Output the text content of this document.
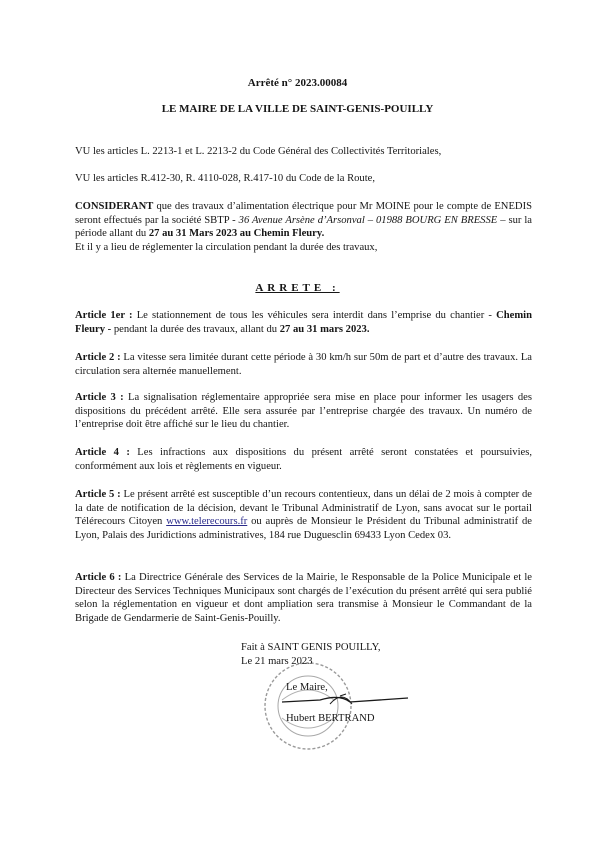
Arrêté n° 2023.00084

LE MAIRE DE LA VILLE DE SAINT-GENIS-POUILLY

VU les articles L. 2213-1 et L. 2213-2 du Code Général des Collectivités Territoriales,

VU les articles R.412-30, R. 4110-028, R.417-10 du Code de la Route,

CONSIDERANT que des travaux d’alimentation électrique pour Mr MOINE pour le compte de ENEDIS seront effectués par la société SBTP - 36 Avenue Arsène d’Arsonval – 01988 BOURG EN BRESSE – sur la période allant du 27 au 31 Mars 2023 au Chemin Fleury.

Et il y a lieu de réglementer la circulation pendant la durée des travaux,

ARRETE :

Article 1er : Le stationnement de tous les véhicules sera interdit dans l’emprise du chantier - Chemin Fleury - pendant la durée des travaux, allant du 27 au 31 mars 2023.

Article 2 : La vitesse sera limitée durant cette période à 30 km/h sur 50m de part et d’autre des travaux. La circulation sera alternée manuellement.

Article 3 : La signalisation réglementaire appropriée sera mise en place pour informer les usagers des dispositions du précédent arrêté. Elle sera assurée par l’entreprise chargée des travaux. Un numéro de l’entreprise doit être affiché sur le lieu du chantier.

Article 4 : Les infractions aux dispositions du présent arrêté seront constatées et poursuivies, conformément aux lois et règlements en vigueur.

Article 5 : Le présent arrêté est susceptible d’un recours contentieux, dans un délai de 2 mois à compter de la date de notification de la décision, devant le Tribunal Administratif de Lyon, sans avocat sur le portail Télérecours Citoyen www.telerecours.fr ou auprès de Monsieur le Président du Tribunal administratif de Lyon, Palais des Juridictions administratives, 184 rue Duguesclin 69433 Lyon Cedex 03.

Article 6 : La Directrice Générale des Services de la Mairie, le Responsable de la Police Municipale et le Directeur des Services Techniques Municipaux sont chargés de l’exécution du présent arrêté qui sera publié selon la réglementation en vigueur et dont ampliation sera transmise à Monsieur le Commandant de la Brigade de Gendarmerie de Saint-Genis-Pouilly.

Fait à SAINT GENIS POUILLY,
Le 21 mars 2023
Le Maire,
Hubert BERTRAND
